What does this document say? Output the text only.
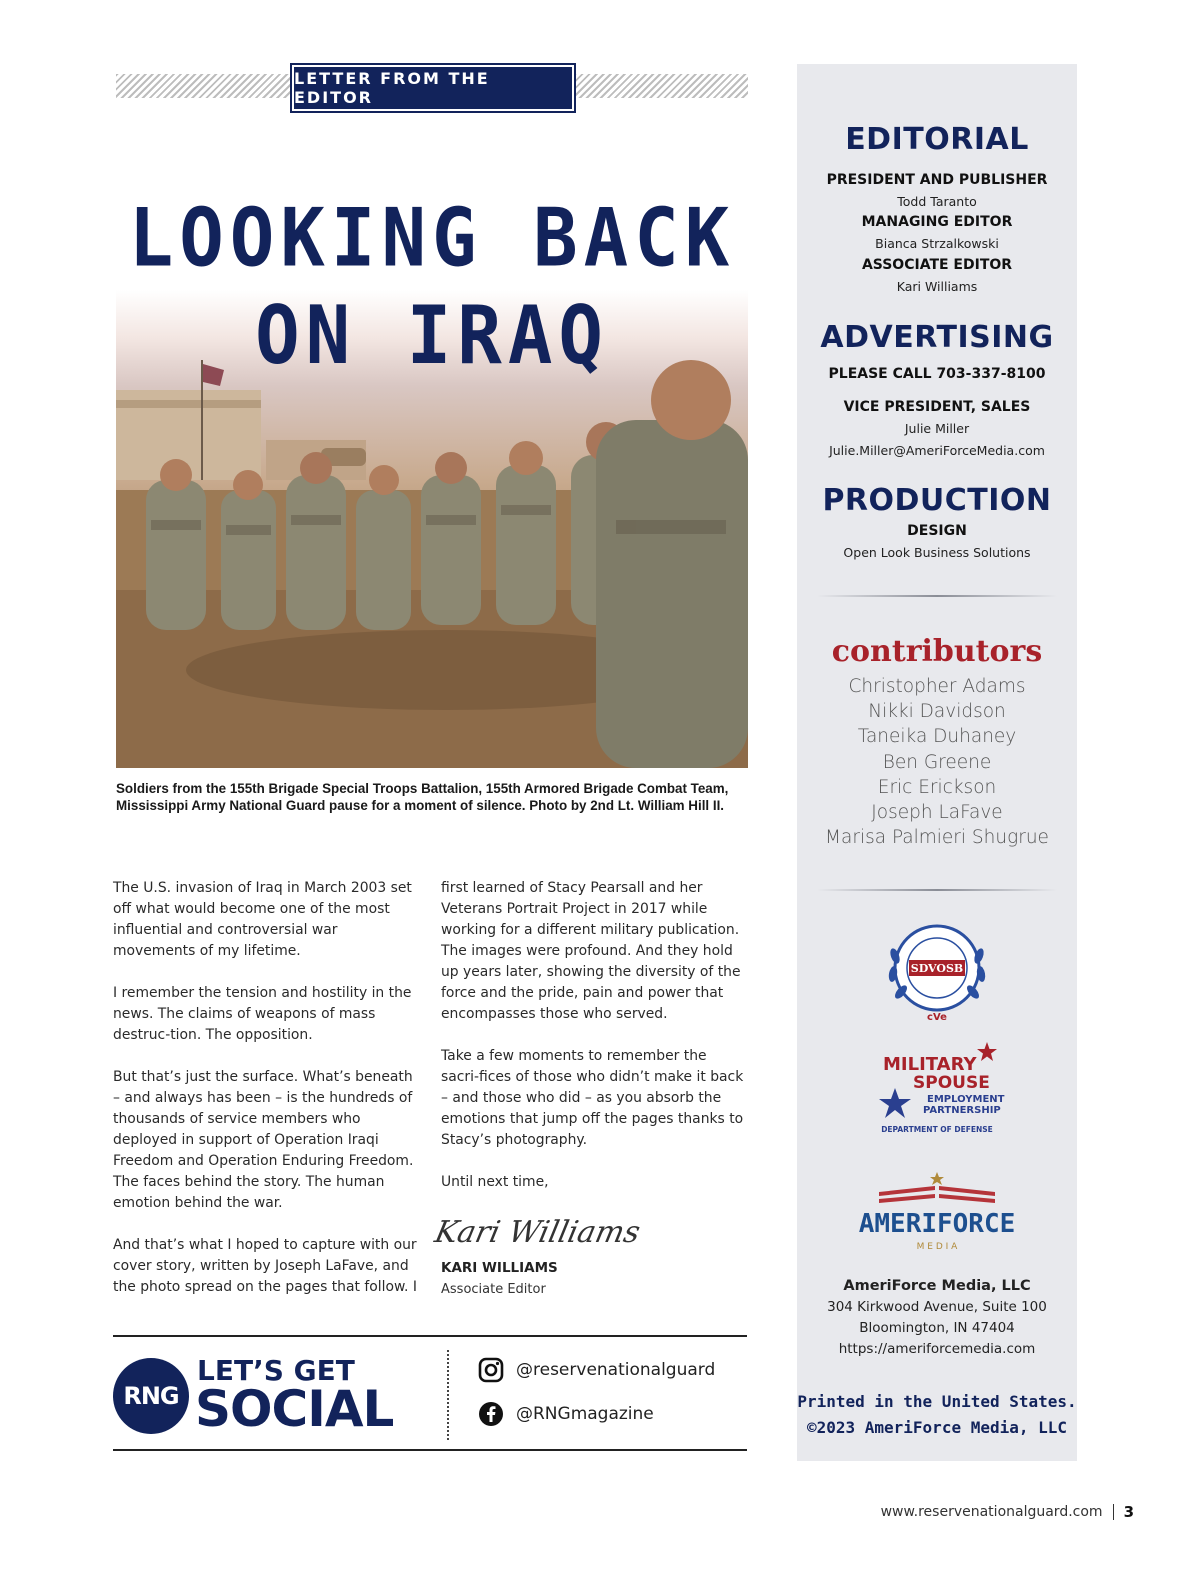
LETTER FROM THE EDITOR
LOOKING BACK
ON IRAQ

Soldiers from the 155th Brigade Special Troops Battalion, 155th Armored Brigade Combat Team, Mississippi Army National Guard pause for a moment of silence. Photo by 2nd Lt. William Hill II.

The U.S. invasion of Iraq in March 2003 set off what would become one of the most influential and controversial war movements of my lifetime.

I remember the tension and hostility in the news. The claims of weapons of mass destruc-tion. The opposition.

But that’s just the surface. What’s beneath – and always has been – is the hundreds of thousands of service members who deployed in support of Operation Iraqi Freedom and Operation Enduring Freedom. The faces behind the story. The human emotion behind the war.

And that’s what I hoped to capture with our cover story, written by Joseph LaFave, and the photo spread on the pages that follow. I

first learned of Stacy Pearsall and her Veterans Portrait Project in 2017 while working for a different military publication. The images were profound. And they hold up years later, showing the diversity of the force and the pride, pain and power that encompasses those who served.

Take a few moments to remember the sacri-fices of those who didn’t make it back – and those who did – as you absorb the emotions that jump off the pages thanks to Stacy’s photography.

Until next time,

Kari Williams
KARI WILLIAMS
Associate Editor
RNG
LET’S GET
SOCIAL
@reservenationalguard
@RNGmagazine
EDITORIAL
PRESIDENT AND PUBLISHER
Todd Taranto
MANAGING EDITOR
Bianca Strzalkowski
ASSOCIATE EDITOR
Kari Williams
ADVERTISING
PLEASE CALL 703-337-8100
VICE PRESIDENT, SALES
Julie Miller
Julie.Miller@AmeriForceMedia.com
PRODUCTION
DESIGN
Open Look Business Solutions
contributors
Christopher Adams
Nikki Davidson
Taneika Duhaney
Ben Greene
Eric Erickson
Joseph LaFave
Marisa Palmieri Shugrue
SDVOSB
cVe
MILITARY
SPOUSE
EMPLOYMENT
PARTNERSHIP
DEPARTMENT OF DEFENSE
AMERIFORCE
M E D I A
AmeriForce Media, LLC
304 Kirkwood Avenue, Suite 100
Bloomington, IN 47404
https://ameriforcemedia.com
Printed in the United States.
©2023 AmeriForce Media, LLC
www.reservenationalguard.com 3
